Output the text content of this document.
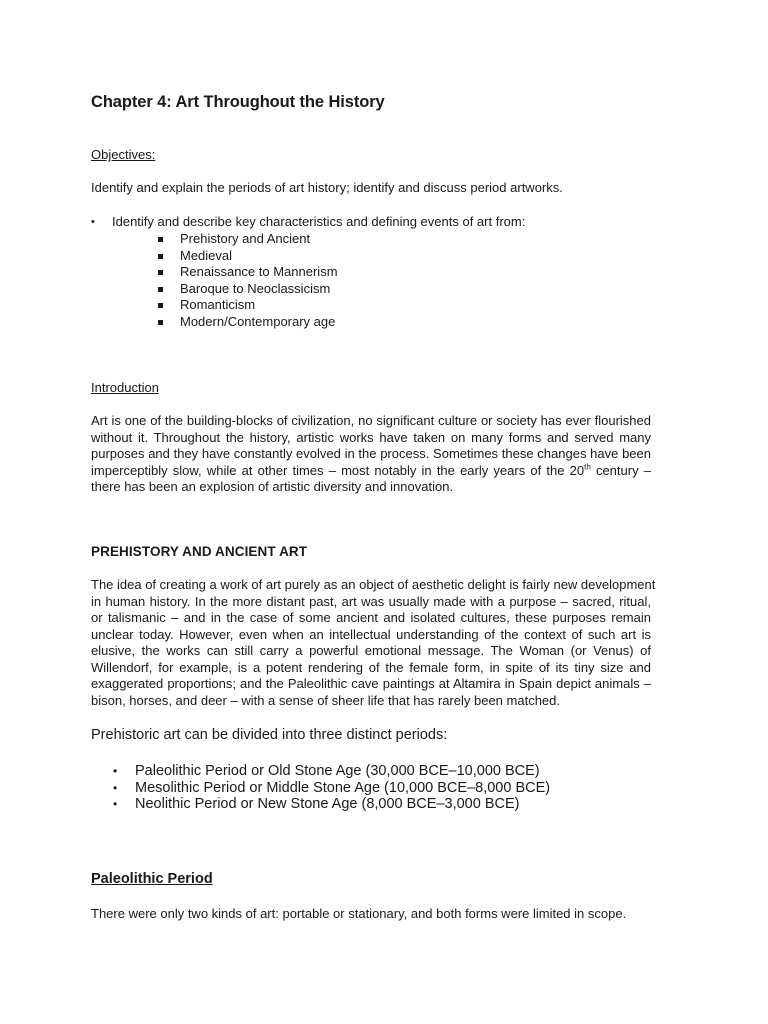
Chapter 4: Art Throughout the History
Objectives:
Identify and explain the periods of art history; identify and discuss period artworks.
• Identify and describe key characteristics and defining events of art from:
Prehistory and Ancient
Medieval
Renaissance to Mannerism
Baroque to Neoclassicism
Romanticism
Modern/Contemporary age
Introduction
Art is one of the building-blocks of civilization, no significant culture or society has ever flourished
without it. Throughout the history, artistic works have taken on many forms and served many
purposes and they have constantly evolved in the process. Sometimes these changes have been
imperceptibly slow, while at other times – most notably in the early years of the 20th century –
there has been an explosion of artistic diversity and innovation.
PREHISTORY AND ANCIENT ART
The idea of creating a work of art purely as an object of aesthetic delight is fairly new development
in human history. In the more distant past, art was usually made with a purpose – sacred, ritual,
or talismanic – and in the case of some ancient and isolated cultures, these purposes remain
unclear today. However, even when an intellectual understanding of the context of such art is
elusive, the works can still carry a powerful emotional message. The Woman (or Venus) of
Willendorf, for example, is a potent rendering of the female form, in spite of its tiny size and
exaggerated proportions; and the Paleolithic cave paintings at Altamira in Spain depict animals –
bison, horses, and deer – with a sense of sheer life that has rarely been matched.
Prehistoric art can be divided into three distinct periods:
• Paleolithic Period or Old Stone Age (30,000 BCE–10,000 BCE)
• Mesolithic Period or Middle Stone Age (10,000 BCE–8,000 BCE)
• Neolithic Period or New Stone Age (8,000 BCE–3,000 BCE)
Paleolithic Period
There were only two kinds of art: portable or stationary, and both forms were limited in scope.
